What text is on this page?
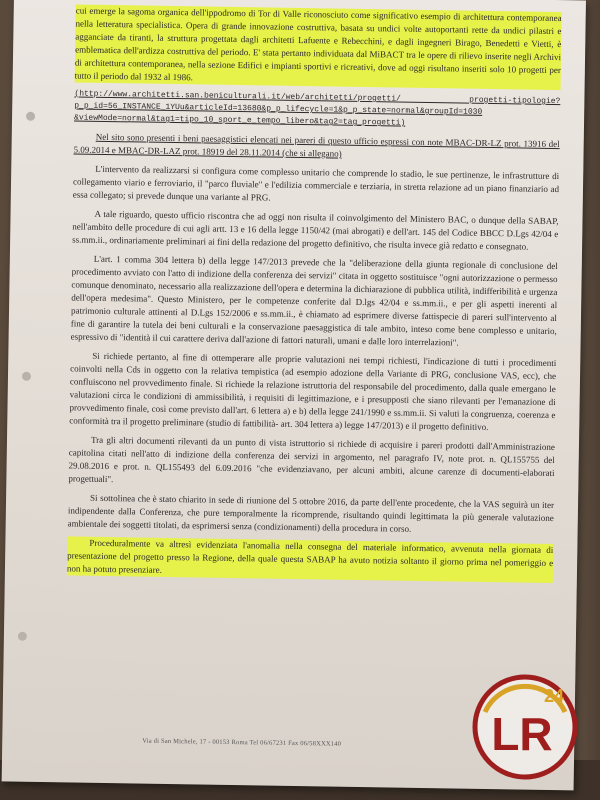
cui emerge la sagoma organica dell'ippodromo di Tor di Valle riconosciuto come significativo esempio di architettura contemporanea nella letteratura specialistica. Opera di grande innovazione costruttiva, basata su undici volte autoportanti rette da undici pilastri e agganciate da tiranti, la struttura progettata dagli architetti Lafuente e Rebecchini, e dagli ingegneri Birago, Benedetti e Vietti, è emblematica dell'ardizza costruttiva del periodo. E' stata pertanto individuata dal MiBACT tra le opere di rilievo inserite negli Archivi di architettura contemporanea, nella sezione Edifici e impianti sportivi e ricreativi, dove ad oggi risultano inseriti solo 10 progetti per tutto il periodo dal 1932 al 1986.

(http://www.architetti.san.beniculturali.it/web/architetti/progetti/ progetti-tipologie?p_p_id=56_INSTANCE_1YUu&articleId=13680&p_p_lifecycle=1&p_p_state=normal&groupId=1030 &viewMode=normal&tag1=tipo_10_sport_e_tempo_libero&tag2=tag_progetti)

Nel sito sono presenti i beni paesaggistici elencati nei pareri di questo ufficio espressi con note MBAC-DR-LZ prot. 13916 del 5.09.2014 e MBAC-DR-LAZ prot. 18919 del 28.11.2014 (che si allegano)

L'intervento da realizzarsi si configura come complesso unitario che comprende lo stadio, le sue pertinenze, le infrastrutture di collegamento viario e ferroviario, il "parco fluviale" e l'edilizia commerciale e terziaria, in stretta relazione ad un piano finanziario ad essa collegato; si prevede dunque una variante al PRG.

A tale riguardo, questo ufficio riscontra che ad oggi non risulta il coinvolgimento del Ministero BAC, o dunque della SABAP, nell'ambito delle procedure di cui agli artt. 13 e 16 della legge 1150/42 (mai abrogati) e dell'art. 145 del Codice BBCC D.Lgs 42/04 e ss.mm.ii., ordinariamente preliminari ai fini della redazione del progetto definitivo, che risulta invece già redatto e consegnato.

L'art. 1 comma 304 lettera b) della legge 147/2013 prevede che la "deliberazione della giunta regionale di conclusione del procedimento avviato con l'atto di indizione della conferenza dei servizi" citata in oggetto sostituisce "ogni autorizzazione o permesso comunque denominato, necessario alla realizzazione dell'opera e determina la dichiarazione di pubblica utilità, indifferibilità e urgenza dell'opera medesima". Questo Ministero, per le competenze conferite dal D.lgs 42/04 e ss.mm.ii., e per gli aspetti inerenti al patrimonio culturale attinenti al D.Lgs 152/2006 e ss.mm.ii., è chiamato ad esprimere diverse fattispecie di pareri sull'intervento al fine di garantire la tutela dei beni culturali e la conservazione paesaggistica di tale ambito, inteso come bene complesso e unitario, espressivo di "identità il cui carattere deriva dall'azione di fattori naturali, umani e dalle loro interrelazioni".

Si richiede pertanto, al fine di ottemperare alle proprie valutazioni nei tempi richiesti, l'indicazione di tutti i procedimenti coinvolti nella Cds in oggetto con la relativa tempistica (ad esempio adozione della Variante di PRG, conclusione VAS, ecc), che confluiscono nel provvedimento finale. Si richiede la relazione istruttoria del responsabile del procedimento, dalla quale emergano le valutazioni circa le condizioni di ammissibilità, i requisiti di legittimazione, e i presupposti che siano rilevanti per l'emanazione di provvedimento finale, così come previsto dall'art. 6 lettera a) e b) della legge 241/1990 e ss.mm.ii. Si valuti la congruenza, coerenza e conformità tra il progetto preliminare (studio di fattibilità- art. 304 lettera a) legge 147/2013) e il progetto definitivo.

Tra gli altri documenti rilevanti da un punto di vista istruttorio si richiede di acquisire i pareri prodotti dall'Amministrazione capitolina citati nell'atto di indizione della conferenza dei servizi in argomento, nel paragrafo IV, note prot. n. QL155755 del 29.08.2016 e prot. n. QL155493 del 6.09.2016 "che evidenziavano, per alcuni ambiti, alcune carenze di documenti-elaborati progettuali".

Si sottolinea che è stato chiarito in sede di riunione del 5 ottobre 2016, da parte dell'ente procedente, che la VAS seguirà un iter indipendente dalla Conferenza, che pure temporalmente la ricomprende, risultando quindi legittimata la più generale valutazione ambientale dei soggetti titolati, da esprimersi senza (condizionamenti) della procedura in corso.

Proceduralmente va altresì evidenziata l'anomalia nella consegna del materiale informatico, avvenuta nella giornata di presentazione del progetto presso la Regione, della quale questa SABAP ha avuto notizia soltanto il giorno prima nel pomeriggio e non ha potuto presenziare.

Via di San Michele, 17 - 00153 Roma Tel 06/67231 Fax 06/58XXX140	LR
24
